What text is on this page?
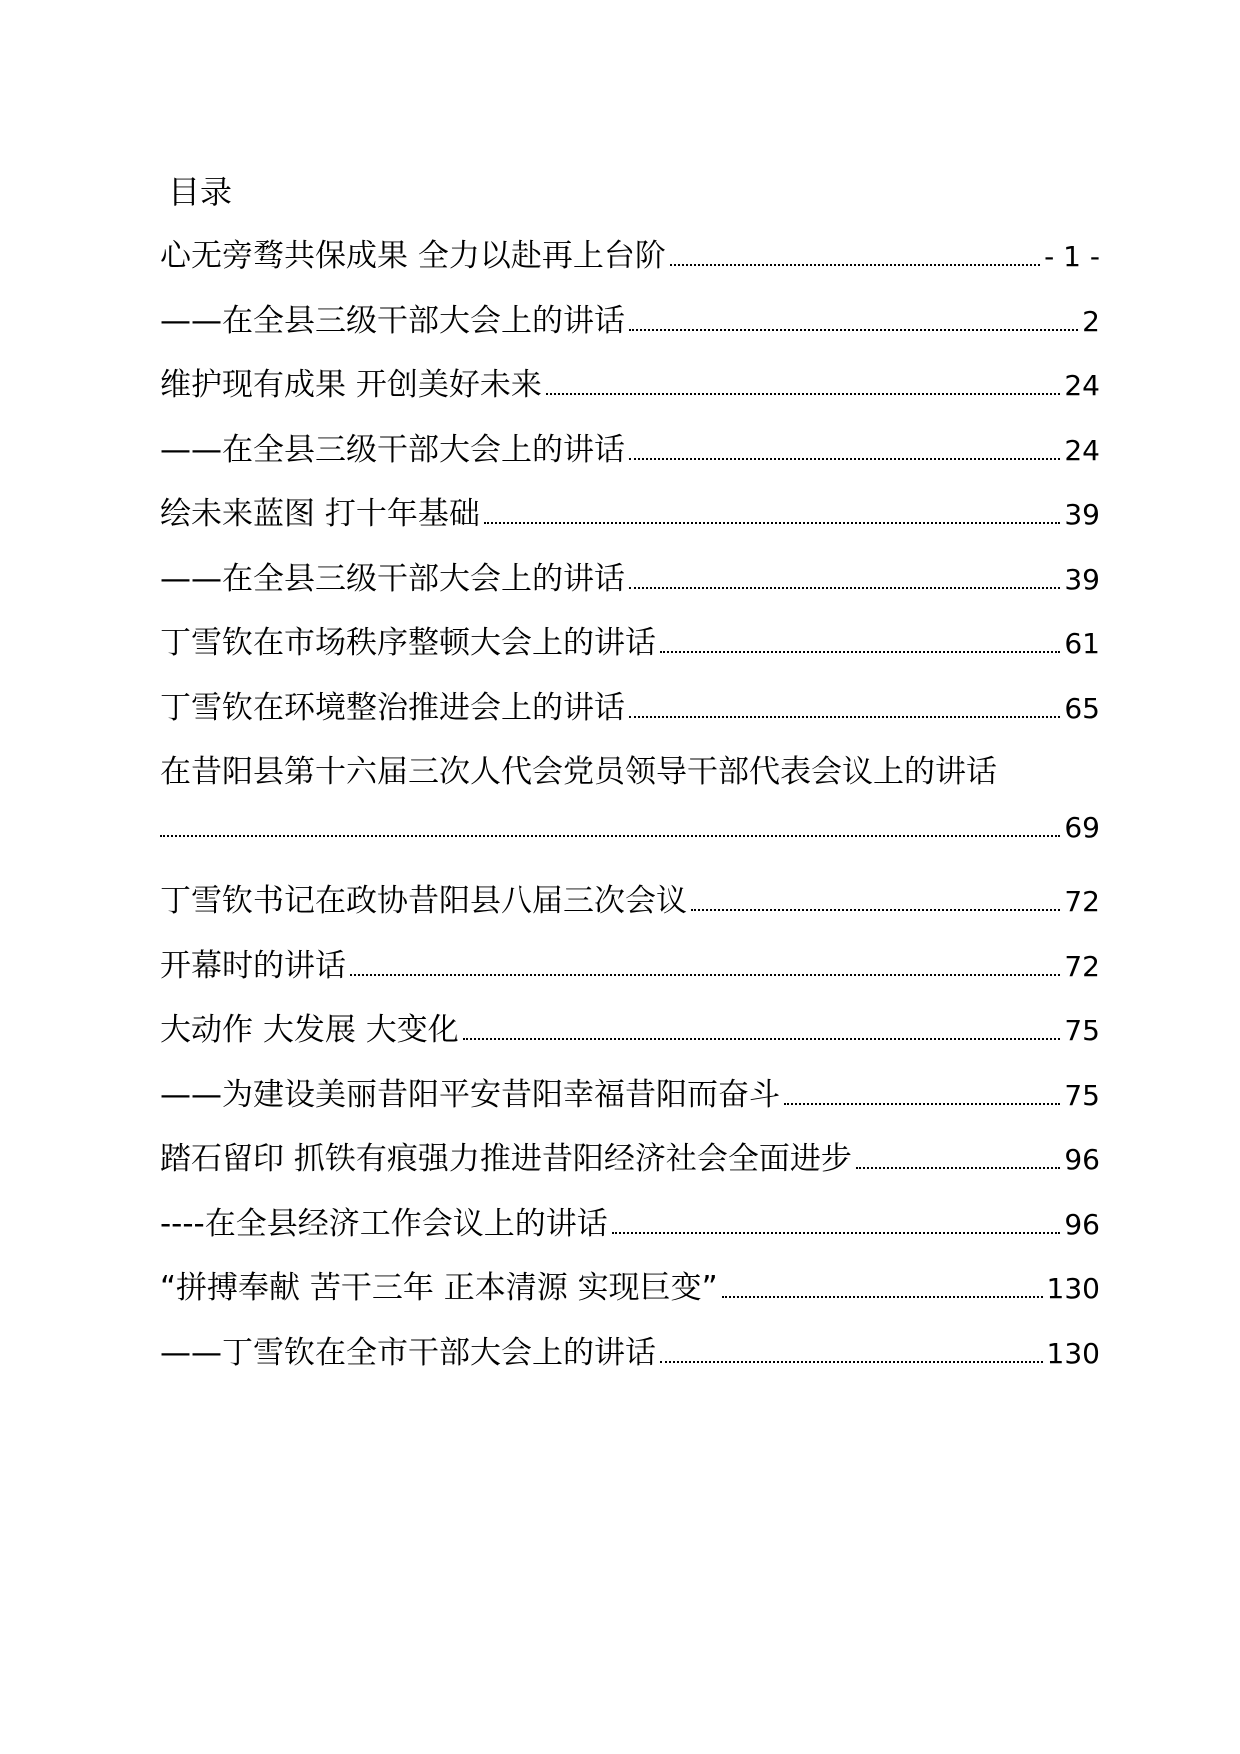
目录
心无旁骛共保成果 全力以赴再上台阶	- 1 -
——在全县三级干部大会上的讲话	2
维护现有成果 开创美好未来	24
——在全县三级干部大会上的讲话	24
绘未来蓝图 打十年基础	39
——在全县三级干部大会上的讲话	39
丁雪钦在市场秩序整顿大会上的讲话	61
丁雪钦在环境整治推进会上的讲话	65
在昔阳县第十六届三次人代会党员领导干部代表会议上的讲话
69
丁雪钦书记在政协昔阳县八届三次会议	72
开幕时的讲话	72
大动作 大发展 大变化	75
——为建设美丽昔阳平安昔阳幸福昔阳而奋斗	75
踏石留印 抓铁有痕强力推进昔阳经济社会全面进步	96
----在全县经济工作会议上的讲话	96
“拼搏奉献 苦干三年 正本清源 实现巨变”	130
——丁雪钦在全市干部大会上的讲话	130
